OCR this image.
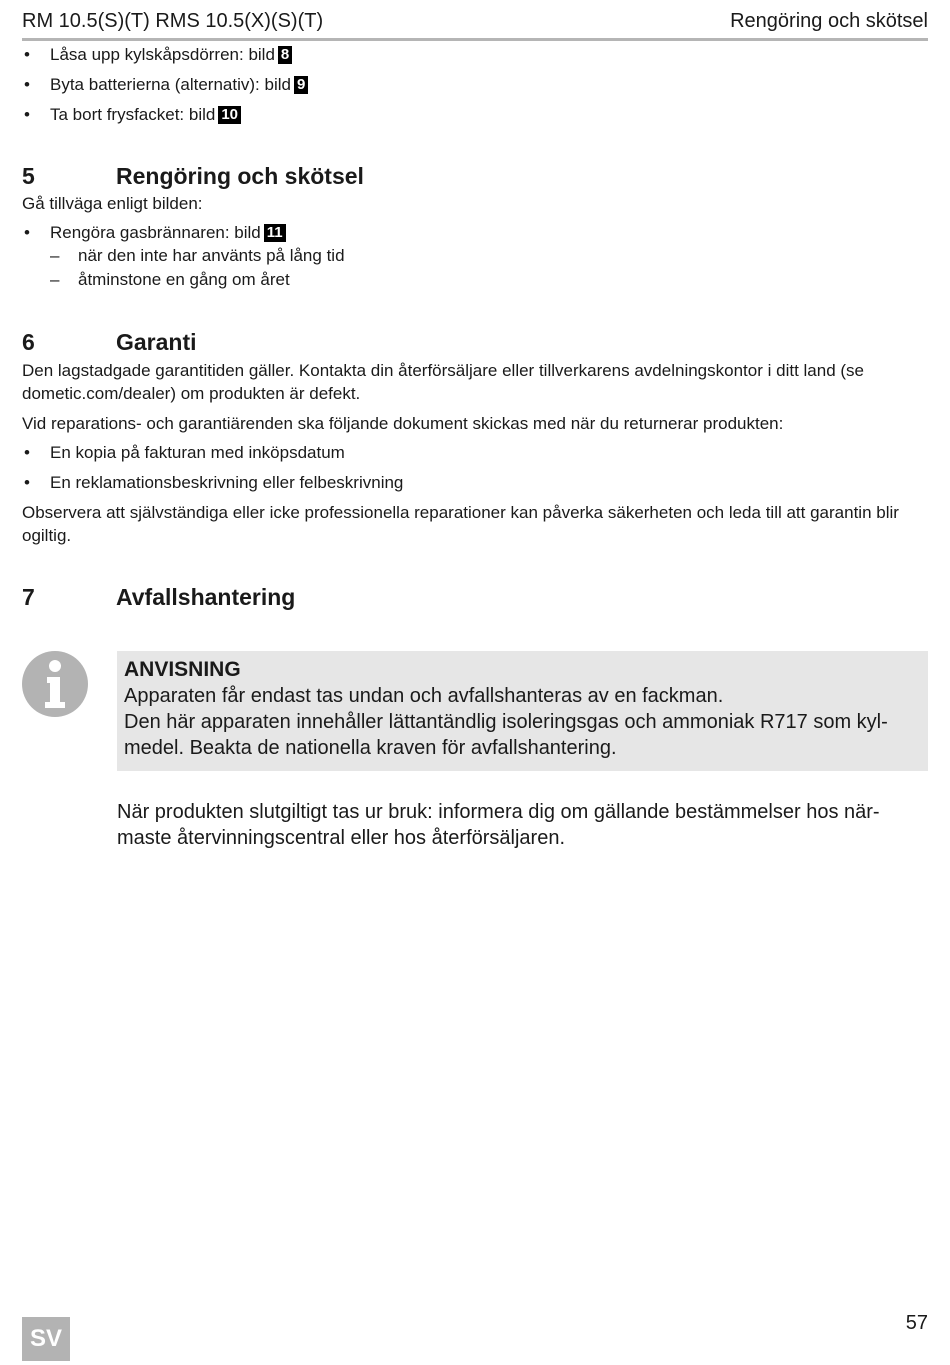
RM 10.5(S)(T) RMS 10.5(X)(S)(T)	Rengöring och skötsel
• Låsa upp kylskåpsdörren: bild 8
• Byta batterierna (alternativ): bild 9
• Ta bort frysfacket: bild 10
5	Rengöring och skötsel

Gå tillväga enligt bilden:

• Rengöra gasbrännaren: bild 11
– när den inte har använts på lång tid
– åtminstone en gång om året
6	Garanti

Den lagstadgade garantitiden gäller. Kontakta din återförsäljare eller tillverkarens avdelningskontor i ditt land (se dometic.com/dealer) om produkten är defekt.

Vid reparations- och garantiärenden ska följande dokument skickas med när du returnerar produkten:

• En kopia på fakturan med inköpsdatum
• En reklamationsbeskrivning eller felbeskrivning

Observera att självständiga eller icke professionella reparationer kan påverka säkerheten och leda till att garantin blir ogiltig.

7	Avfallshantering
ANVISNING
Apparaten får endast tas undan och avfallshanteras av en fackman.
Den här apparaten innehåller lättantändlig isoleringsgas och ammoniak R717 som kyl-medel. Beakta de nationella kraven för avfallshantering.

När produkten slutgiltigt tas ur bruk: informera dig om gällande bestämmelser hos när-maste återvinningscentral eller hos återförsäljaren.

SV
57
